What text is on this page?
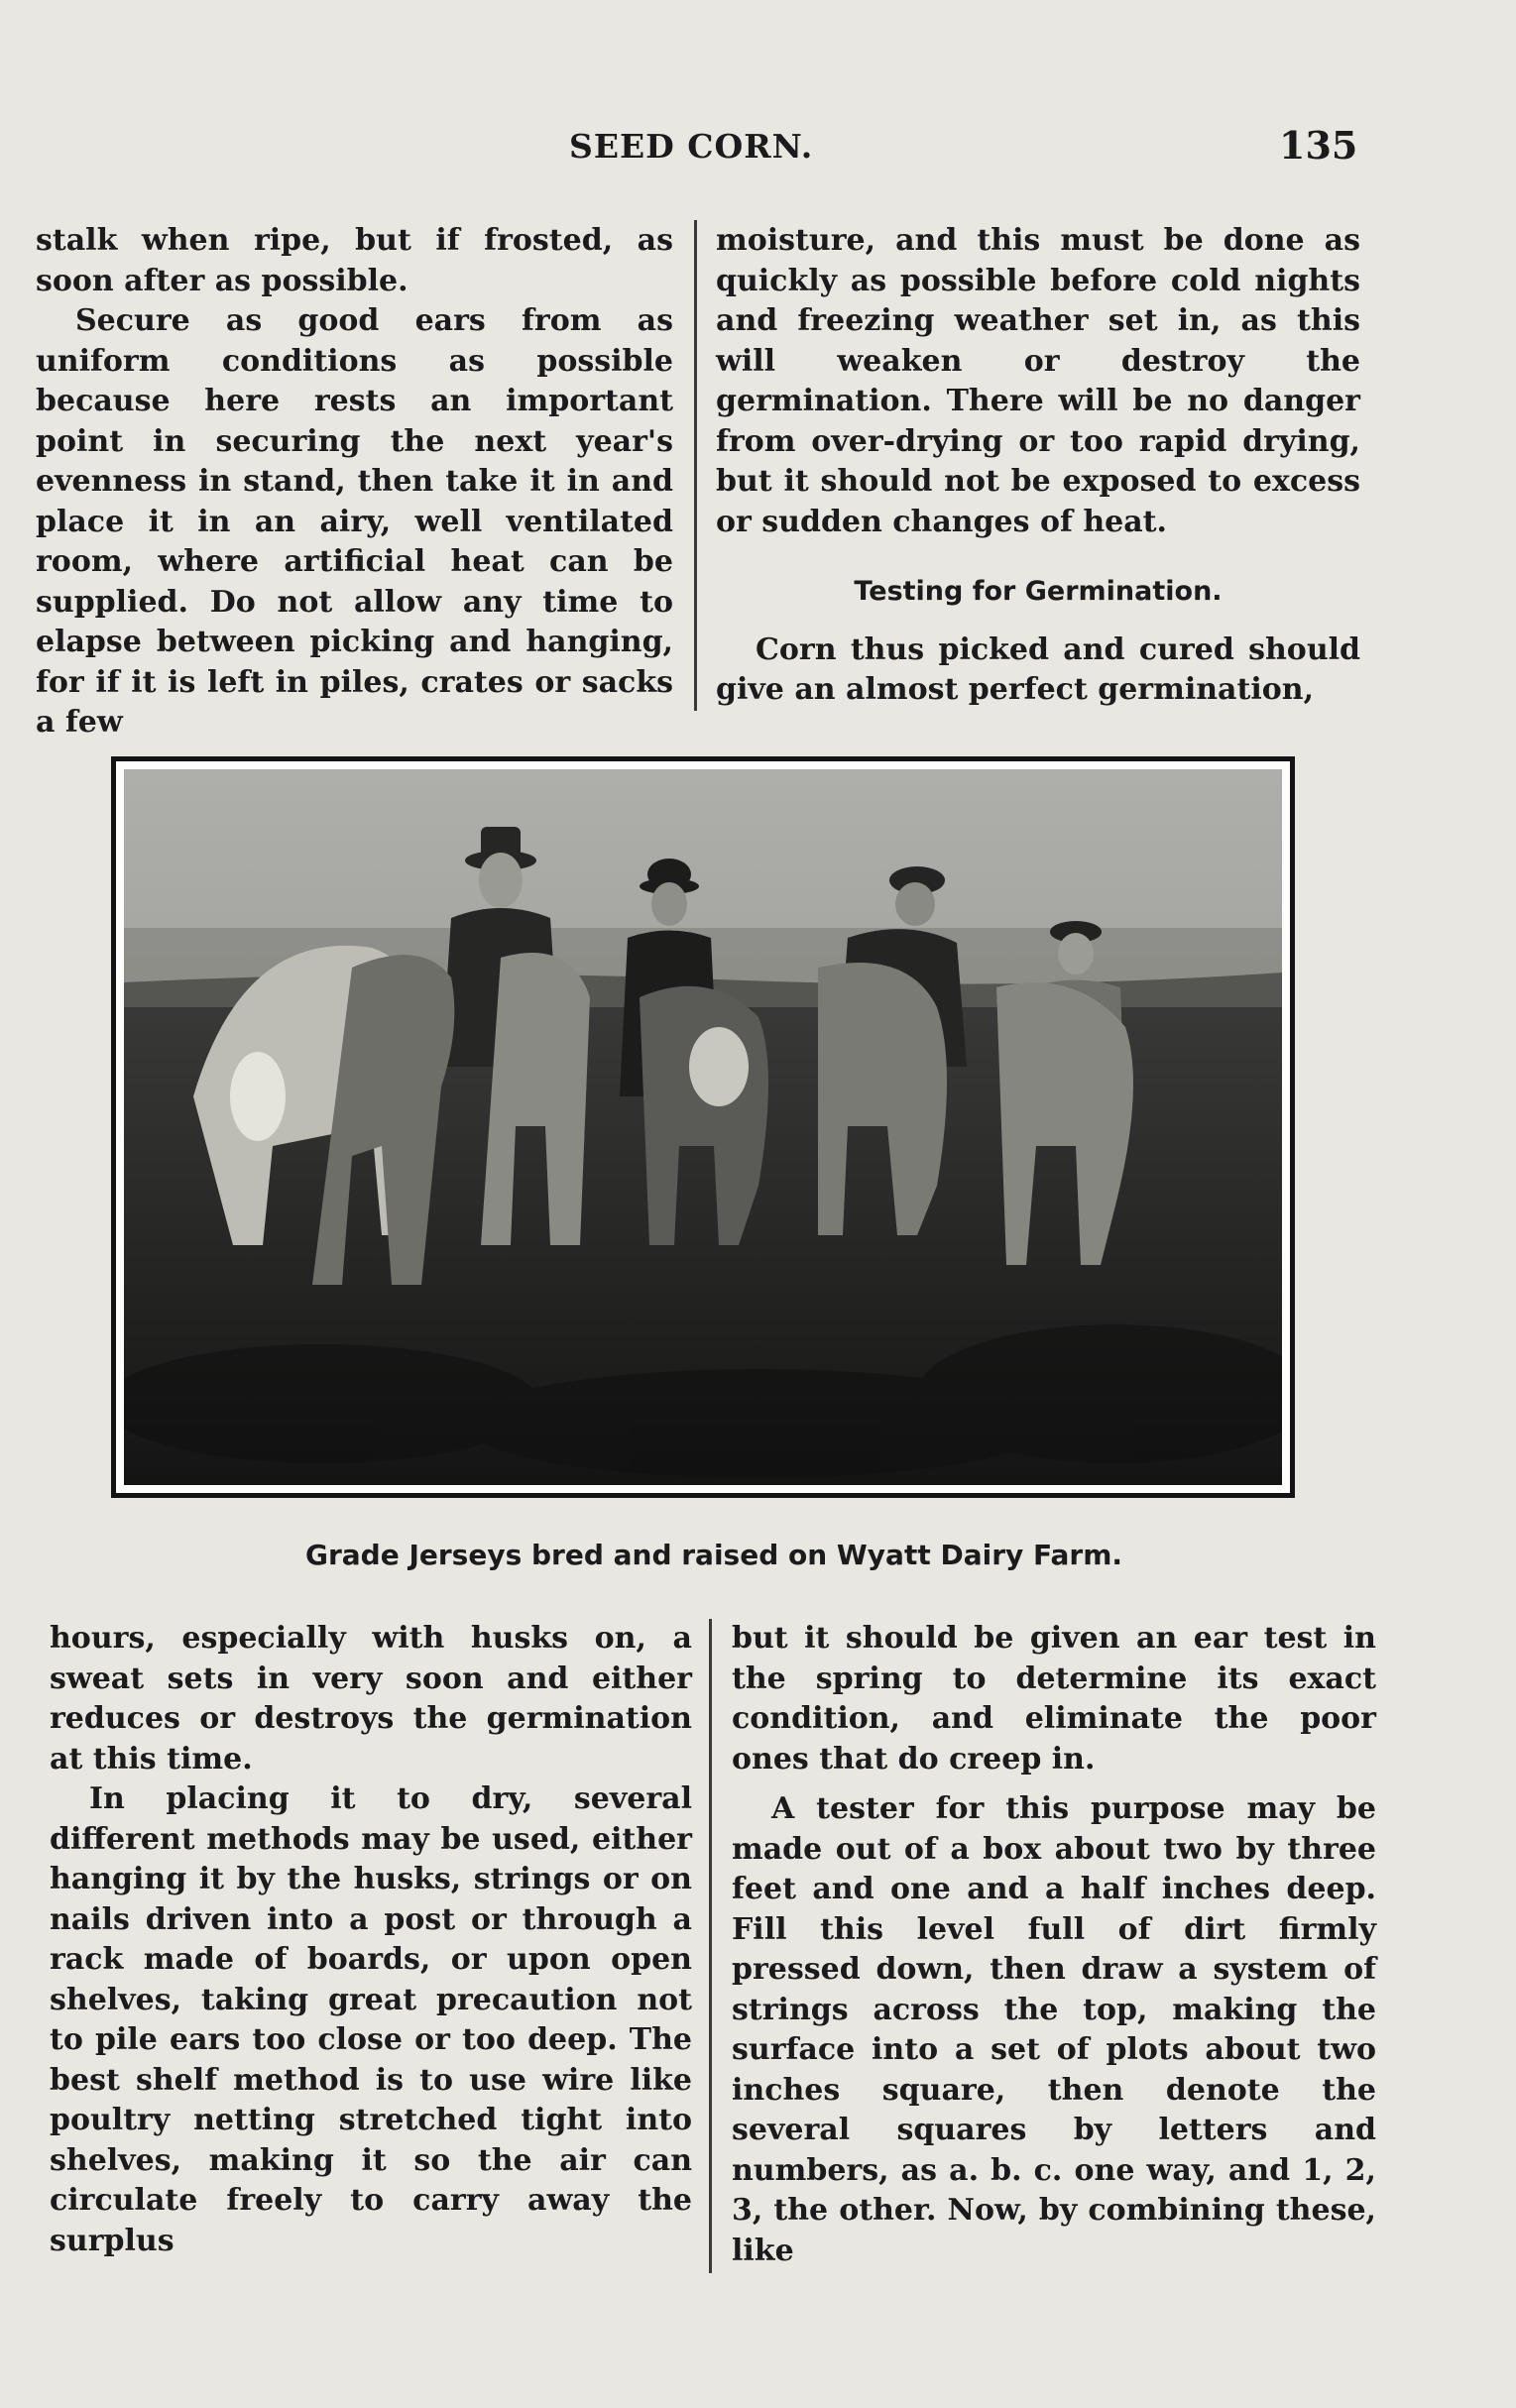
SEED CORN.	135

stalk when ripe, but if frosted, as soon after as possible.

Secure as good ears from as uniform conditions as possible because here rests an important point in securing the next year's evenness in stand, then take it in and place it in an airy, well ventilated room, where artificial heat can be supplied. Do not allow any time to elapse between picking and hanging, for if it is left in piles, crates or sacks a few

moisture, and this must be done as quickly as possible before cold nights and freezing weather set in, as this will weaken or destroy the germination. There will be no danger from over-drying or too rapid drying, but it should not be exposed to excess or sudden changes of heat.

Testing for Germination.

Corn thus picked and cured should give an almost perfect germination,

Grade Jerseys bred and raised on Wyatt Dairy Farm.

hours, especially with husks on, a sweat sets in very soon and either reduces or destroys the germination at this time.

In placing it to dry, several different methods may be used, either hanging it by the husks, strings or on nails driven into a post or through a rack made of boards, or upon open shelves, taking great precaution not to pile ears too close or too deep. The best shelf method is to use wire like poultry netting stretched tight into shelves, making it so the air can circulate freely to carry away the surplus

but it should be given an ear test in the spring to determine its exact condition, and eliminate the poor ones that do creep in.

A tester for this purpose may be made out of a box about two by three feet and one and a half inches deep. Fill this level full of dirt firmly pressed down, then draw a system of strings across the top, making the surface into a set of plots about two inches square, then denote the several squares by letters and numbers, as a. b. c. one way, and 1, 2, 3, the other. Now, by combining these, like
